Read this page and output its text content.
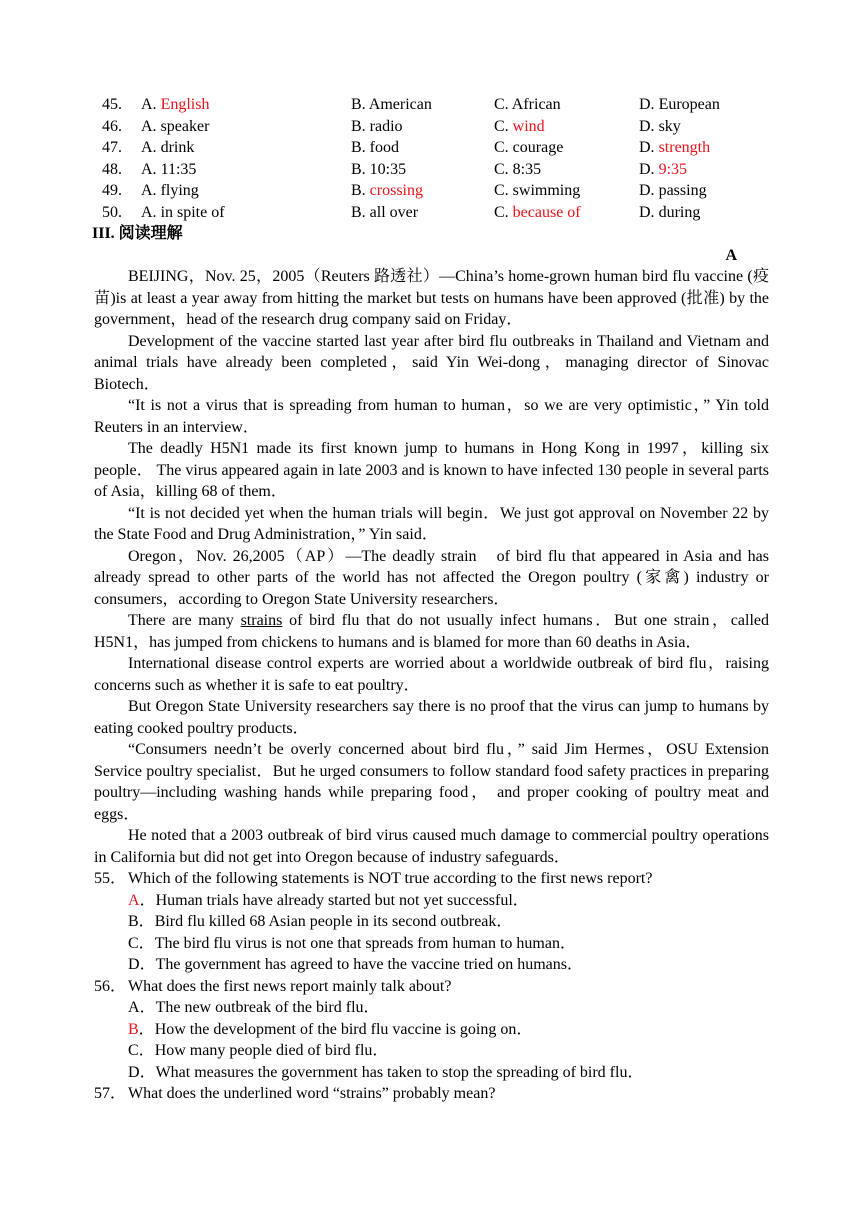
45. A. English	B. American	C. African	D. European
46. A. speaker	B. radio	C. wind	D. sky
47. A. drink	B. food	C. courage	D. strength
48. A. 11:35	B. 10:35	C. 8:35	D. 9:35
49. A. flying	B. crossing	C. swimming	D. passing
50. A. in spite of	B. all over	C. because of	D. during
III. 阅读理解
A

BEIJING，Nov. 25，2005（Reuters 路透社）—China’s home-grown human bird flu vaccine (疫苗)is at least a year away from hitting the market but tests on humans have been approved (批准) by the government，head of the research drug company said on Friday．

Development of the vaccine started last year after bird flu outbreaks in Thailand and Vietnam and animal trials have already been completed，said Yin Wei-dong，managing director of Sinovac Biotech．

“It is not a virus that is spreading from human to human，so we are very optimistic，” Yin told Reuters in an interview．

The deadly H5N1 made its first known jump to humans in Hong Kong in 1997，killing six people． The virus appeared again in late 2003 and is known to have infected 130 people in several parts of Asia，killing 68 of them．

“It is not decided yet when the human trials will begin．We just got approval on November 22 by the State Food and Drug Administration，” Yin said．

Oregon，Nov. 26,2005（AP）—The deadly strain　of bird flu that appeared in Asia and has already spread to other parts of the world has not affected the Oregon poultry (家禽) industry or consumers，according to Oregon State University researchers．

There are many strains of bird flu that do not usually infect humans．But one strain，called H5N1，has jumped from chickens to humans and is blamed for more than 60 deaths in Asia．

International disease control experts are worried about a worldwide outbreak of bird flu，raising concerns such as whether it is safe to eat poultry．

But Oregon State University researchers say there is no proof that the virus can jump to humans by eating cooked poultry products．

“Consumers needn’t be overly concerned about bird flu，” said Jim Hermes，OSU Extension Service poultry specialist．But he urged consumers to follow standard food safety practices in preparing poultry—including washing hands while preparing food， and proper cooking of poultry meat and eggs．

He noted that a 2003 outbreak of bird virus caused much damage to commercial poultry operations in California but did not get into Oregon because of industry safeguards．

55． Which of the following statements is NOT true according to the first news report?
A．Human trials have already started but not yet successful．
B．Bird flu killed 68 Asian people in its second outbreak．
C．The bird flu virus is not one that spreads from human to human．
D．The government has agreed to have the vaccine tried on humans．
56． What does the first news report mainly talk about?
A．The new outbreak of the bird flu．
B．How the development of the bird flu vaccine is going on．
C．How many people died of bird flu．
D．What measures the government has taken to stop the spreading of bird flu．
57． What does the underlined word “strains” probably mean?
